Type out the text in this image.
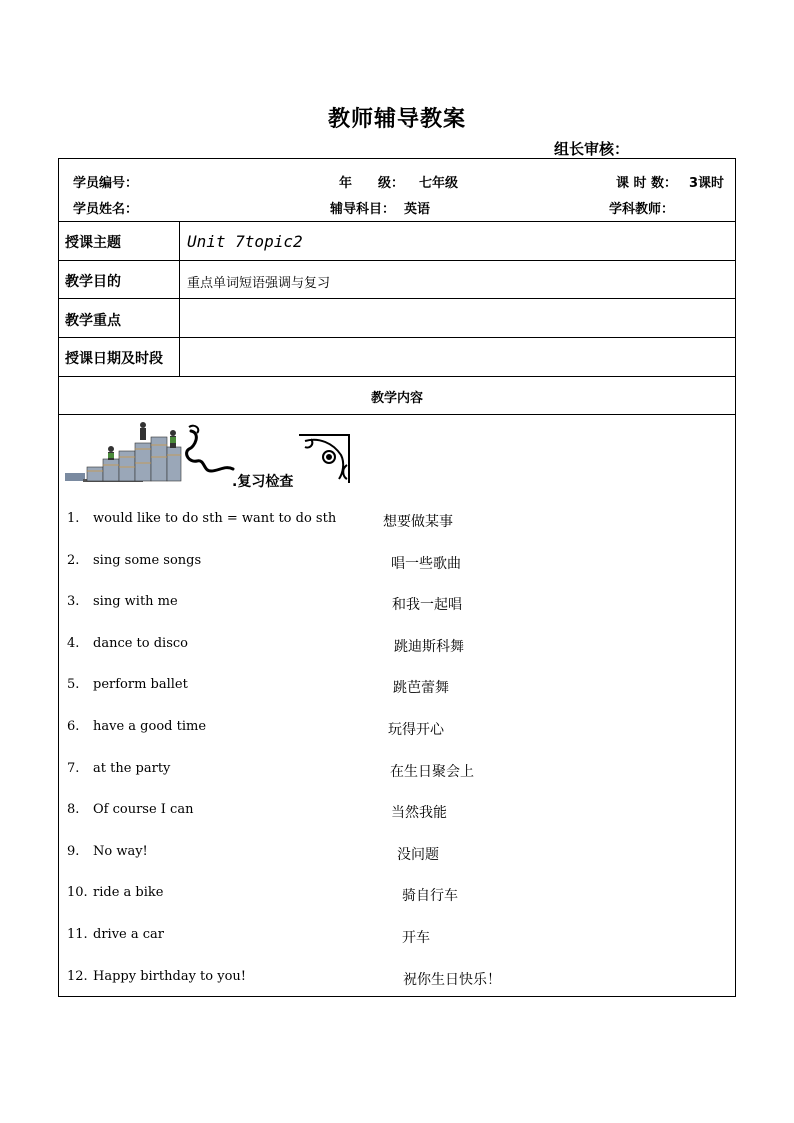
教师辅导教案
组长审核：
学员编号：	年　　级： 七年级	课 时 数： 3课时
学员姓名：	辅导科目： 英语	学科教师：
授课主题	Unit 7topic2
教学目的	重点单词短语强调与复习
教学重点
授课日期及时段
教学内容
.复习检查
1. would like to do sth = want to do sth	想要做某事
2. sing some songs	唱一些歌曲
3. sing with me	和我一起唱
4. dance to disco	跳迪斯科舞
5. perform ballet	跳芭蕾舞
6. have a good time	玩得开心
7. at the party	在生日聚会上
8. Of course I can	当然我能
9. No way!	没问题
10. ride a bike	骑自行车
11. drive a car	开车
12. Happy birthday to you!	祝你生日快乐！
